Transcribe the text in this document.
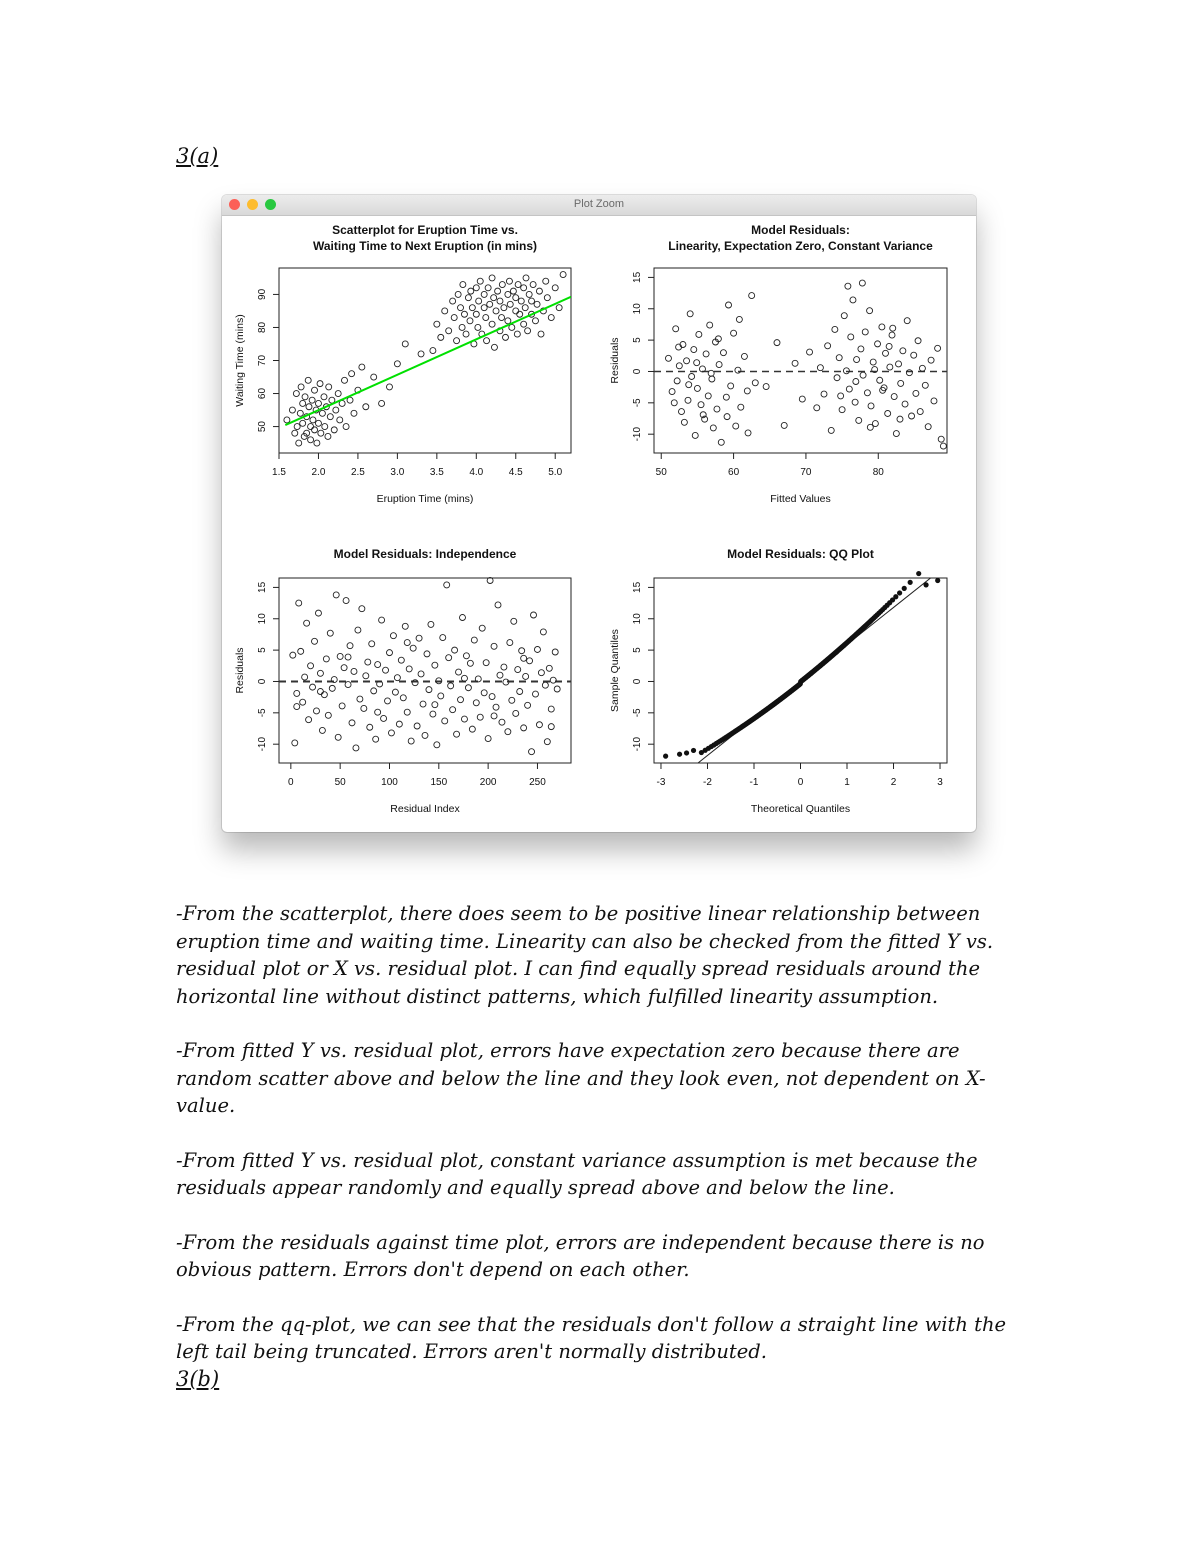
3(a)
Plot Zoom
Scatterplot for Eruption Time vs.
Waiting Time to Next Eruption (in mins)
1.5	2.0	2.5	3.0	3.5	4.0	4.5	5.0
50
60
70
80
90
Eruption Time (mins)
Waiting Time (mins)
Model Residuals:
Linearity, Expectation Zero, Constant Variance
50	60	70	80
-10
-5
0
5
10
15
Fitted Values
Residuals
Model Residuals: Independence
0	50	100	150	200	250
-10
-5
0
5
10
15
Residual Index
Residuals
Model Residuals: QQ Plot
-3	-2	-1	0	1	2	3
-10
-5
0
5
10
15
Theoretical Quantiles
Sample Quantiles

-From the scatterplot, there does seem to be positive linear relationship between eruption time and waiting time. Linearity can also be checked from the fitted Y vs. residual plot or X vs. residual plot. I can find equally spread residuals around the horizontal line without distinct patterns, which fulfilled linearity assumption.

-From fitted Y vs. residual plot, errors have expectation zero because there are random scatter above and below the line and they look even, not dependent on X-value.

-From fitted Y vs. residual plot, constant variance assumption is met because the residuals appear randomly and equally spread above and below the line.

-From the residuals against time plot, errors are independent because there is no obvious pattern. Errors don't depend on each other.

-From the qq-plot, we can see that the residuals don't follow a straight line with the left tail being truncated. Errors aren't normally distributed.

3(b)
